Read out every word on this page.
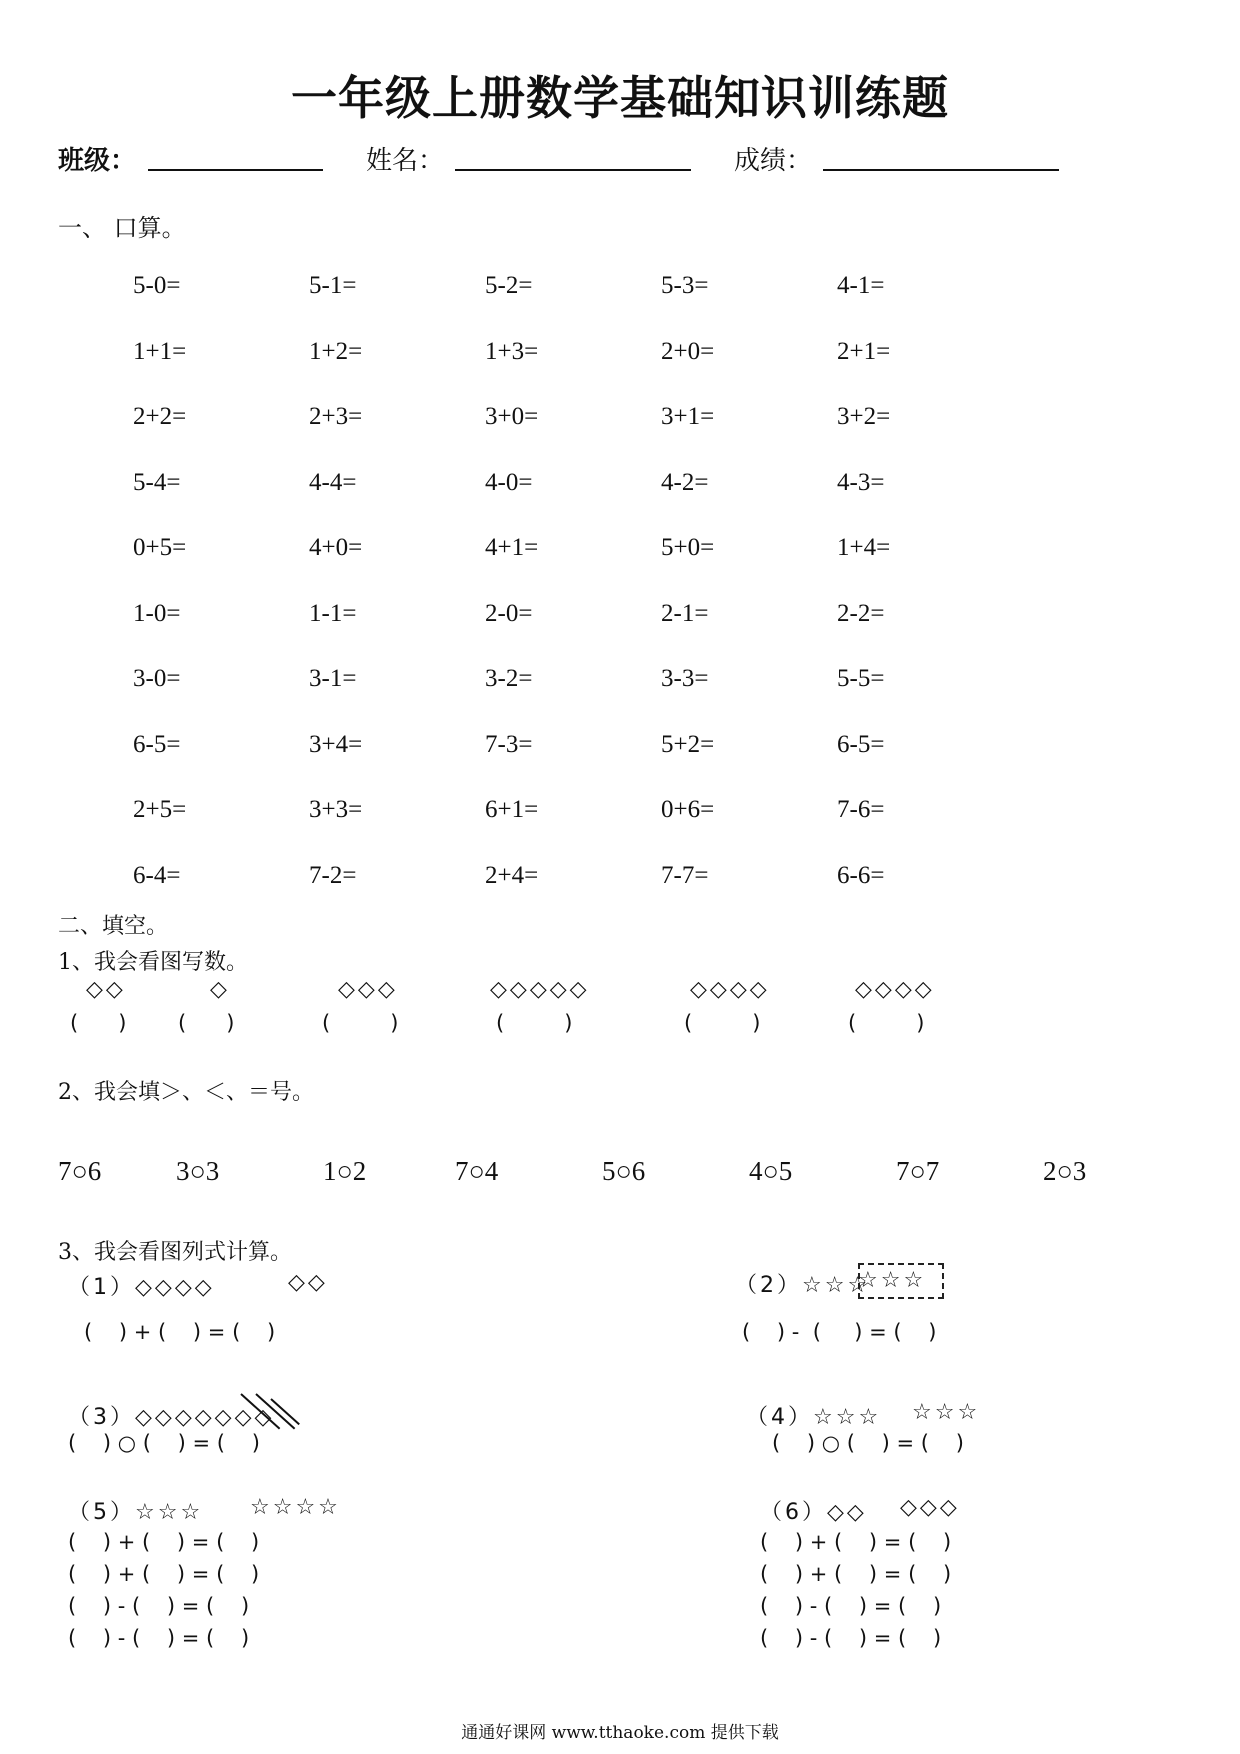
一年级上册数学基础知识训练题
班级：	姓名：	成绩：
一、 口算。
5-0=	5-1=	5-2=	5-3=	4-1=
1+1=	1+2=	1+3=	2+0=	2+1=
2+2=	2+3=	3+0=	3+1=	3+2=
5-4=	4-4=	4-0=	4-2=	4-3=
0+5=	4+0=	4+1=	5+0=	1+4=
1-0=	1-1=	2-0=	2-1=	2-2=
3-0=	3-1=	3-2=	3-3=	5-5=
6-5=	3+4=	7-3=	5+2=	6-5=
2+5=	3+3=	6+1=	0+6=	7-6=
6-4=	7-2=	2+4=	7-7=	6-6=
二、填空。
1、我会看图写数。
◇◇
(      )
◇
(      )
◇◇◇
(         )
◇◇◇◇◇
(         )
◇◇◇◇
(         )
◇◇◇◇
(         )
2、我会填＞、＜、＝号。
7○6	3○3	1○2	7○4	5○6	4○5	7○7	2○3
3、我会看图列式计算。
（1）◇◇◇◇	◇◇
(    ) + (    ) = (    )
（2）☆☆☆
☆☆☆
(    ) -  (     ) = (    )
（3）◇◇◇◇◇◇◇
(    ) ○ (    ) = (    )
（4）☆☆☆ ☆☆☆
(    ) ○ (    ) = (    )
（5）☆☆☆ ☆☆☆☆
(    ) + (    ) = (    )
(    ) + (    ) = (    )
(    ) - (    ) = (    )
(    ) - (    ) = (    )
（6）◇◇ ◇◇◇
(    ) + (    ) = (    )
(    ) + (    ) = (    )
(    ) - (    ) = (    )
(    ) - (    ) = (    )
通通好课网 www.tthaoke.com 提供下载
